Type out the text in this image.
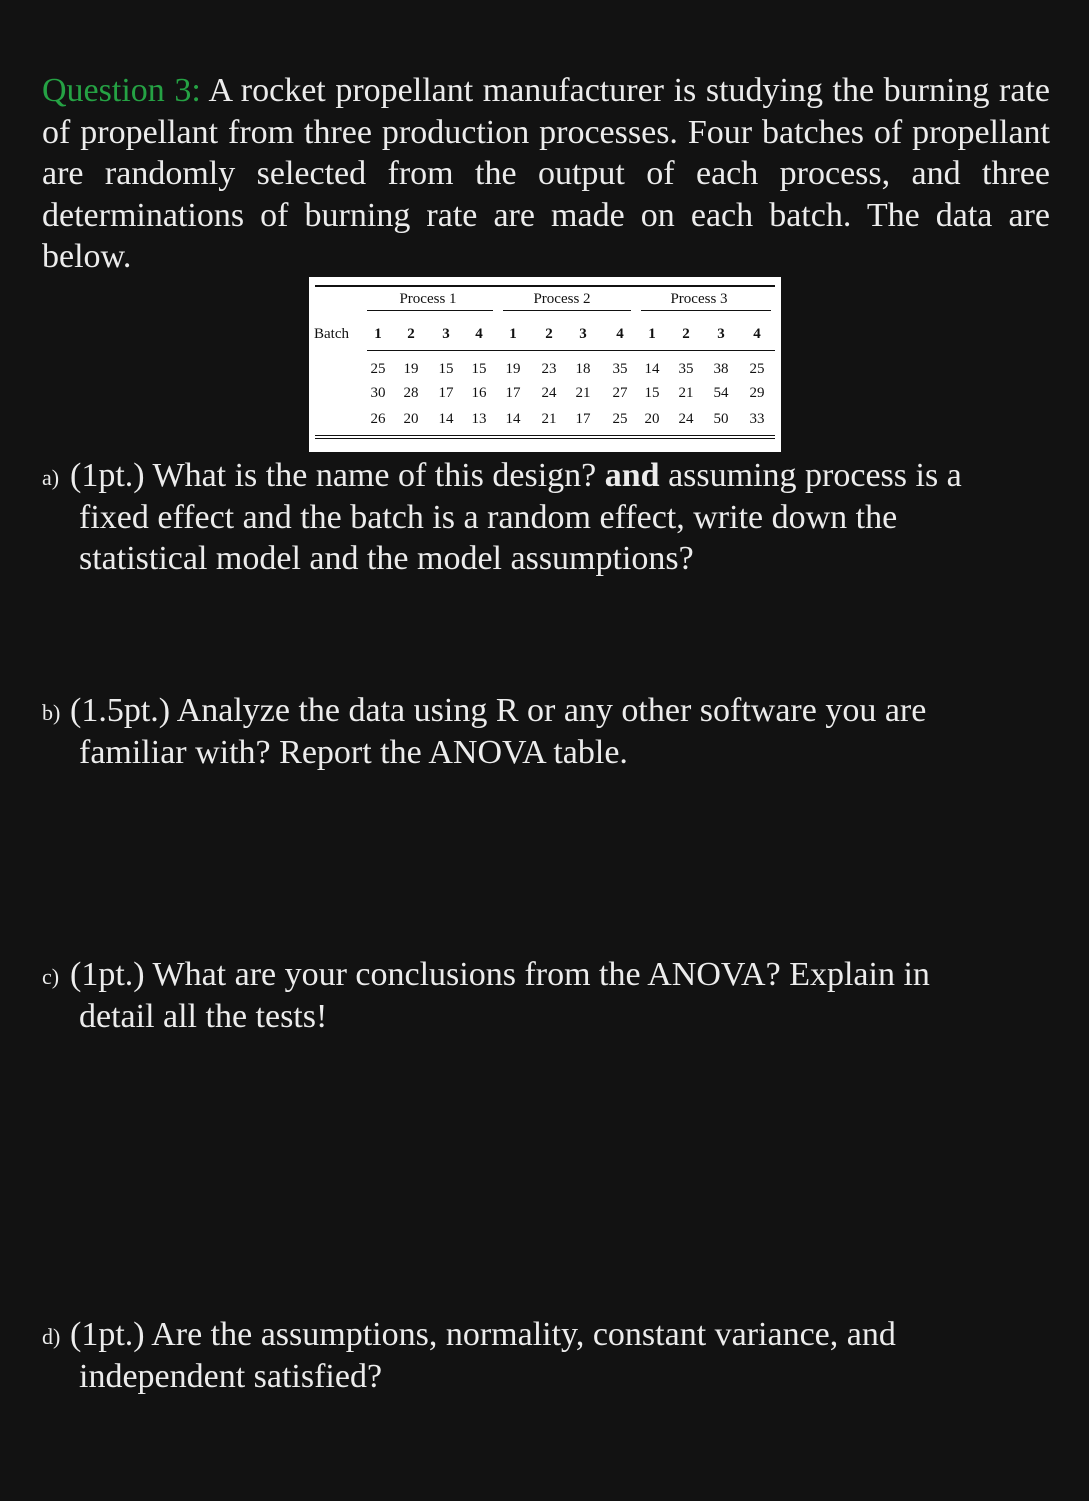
Question 3: A rocket propellant manufacturer is studying the burning rate of propellant from three production processes. Four batches of propellant are randomly selected from the output of each process, and three determinations of burning rate are made on each batch. The data are below.

Process 1	Process 2	Process 3
Batch	1	2	3	4	1	2	3	4	1	2	3	4
25	19	15	15	19	23	18	35	14	35	38	25
30	28	17	16	17	24	21	27	15	21	54	29
26	20	14	13	14	21	17	25	20	24	50	33
a) (1pt.) What is the name of this design? and assuming process is a
fixed effect and the batch is a random effect, write down the
statistical model and the model assumptions?
b) (1.5pt.) Analyze the data using R or any other software you are
familiar with? Report the ANOVA table.
c) (1pt.) What are your conclusions from the ANOVA? Explain in
detail all the tests!
d) (1pt.) Are the assumptions, normality, constant variance, and
independent satisfied?
